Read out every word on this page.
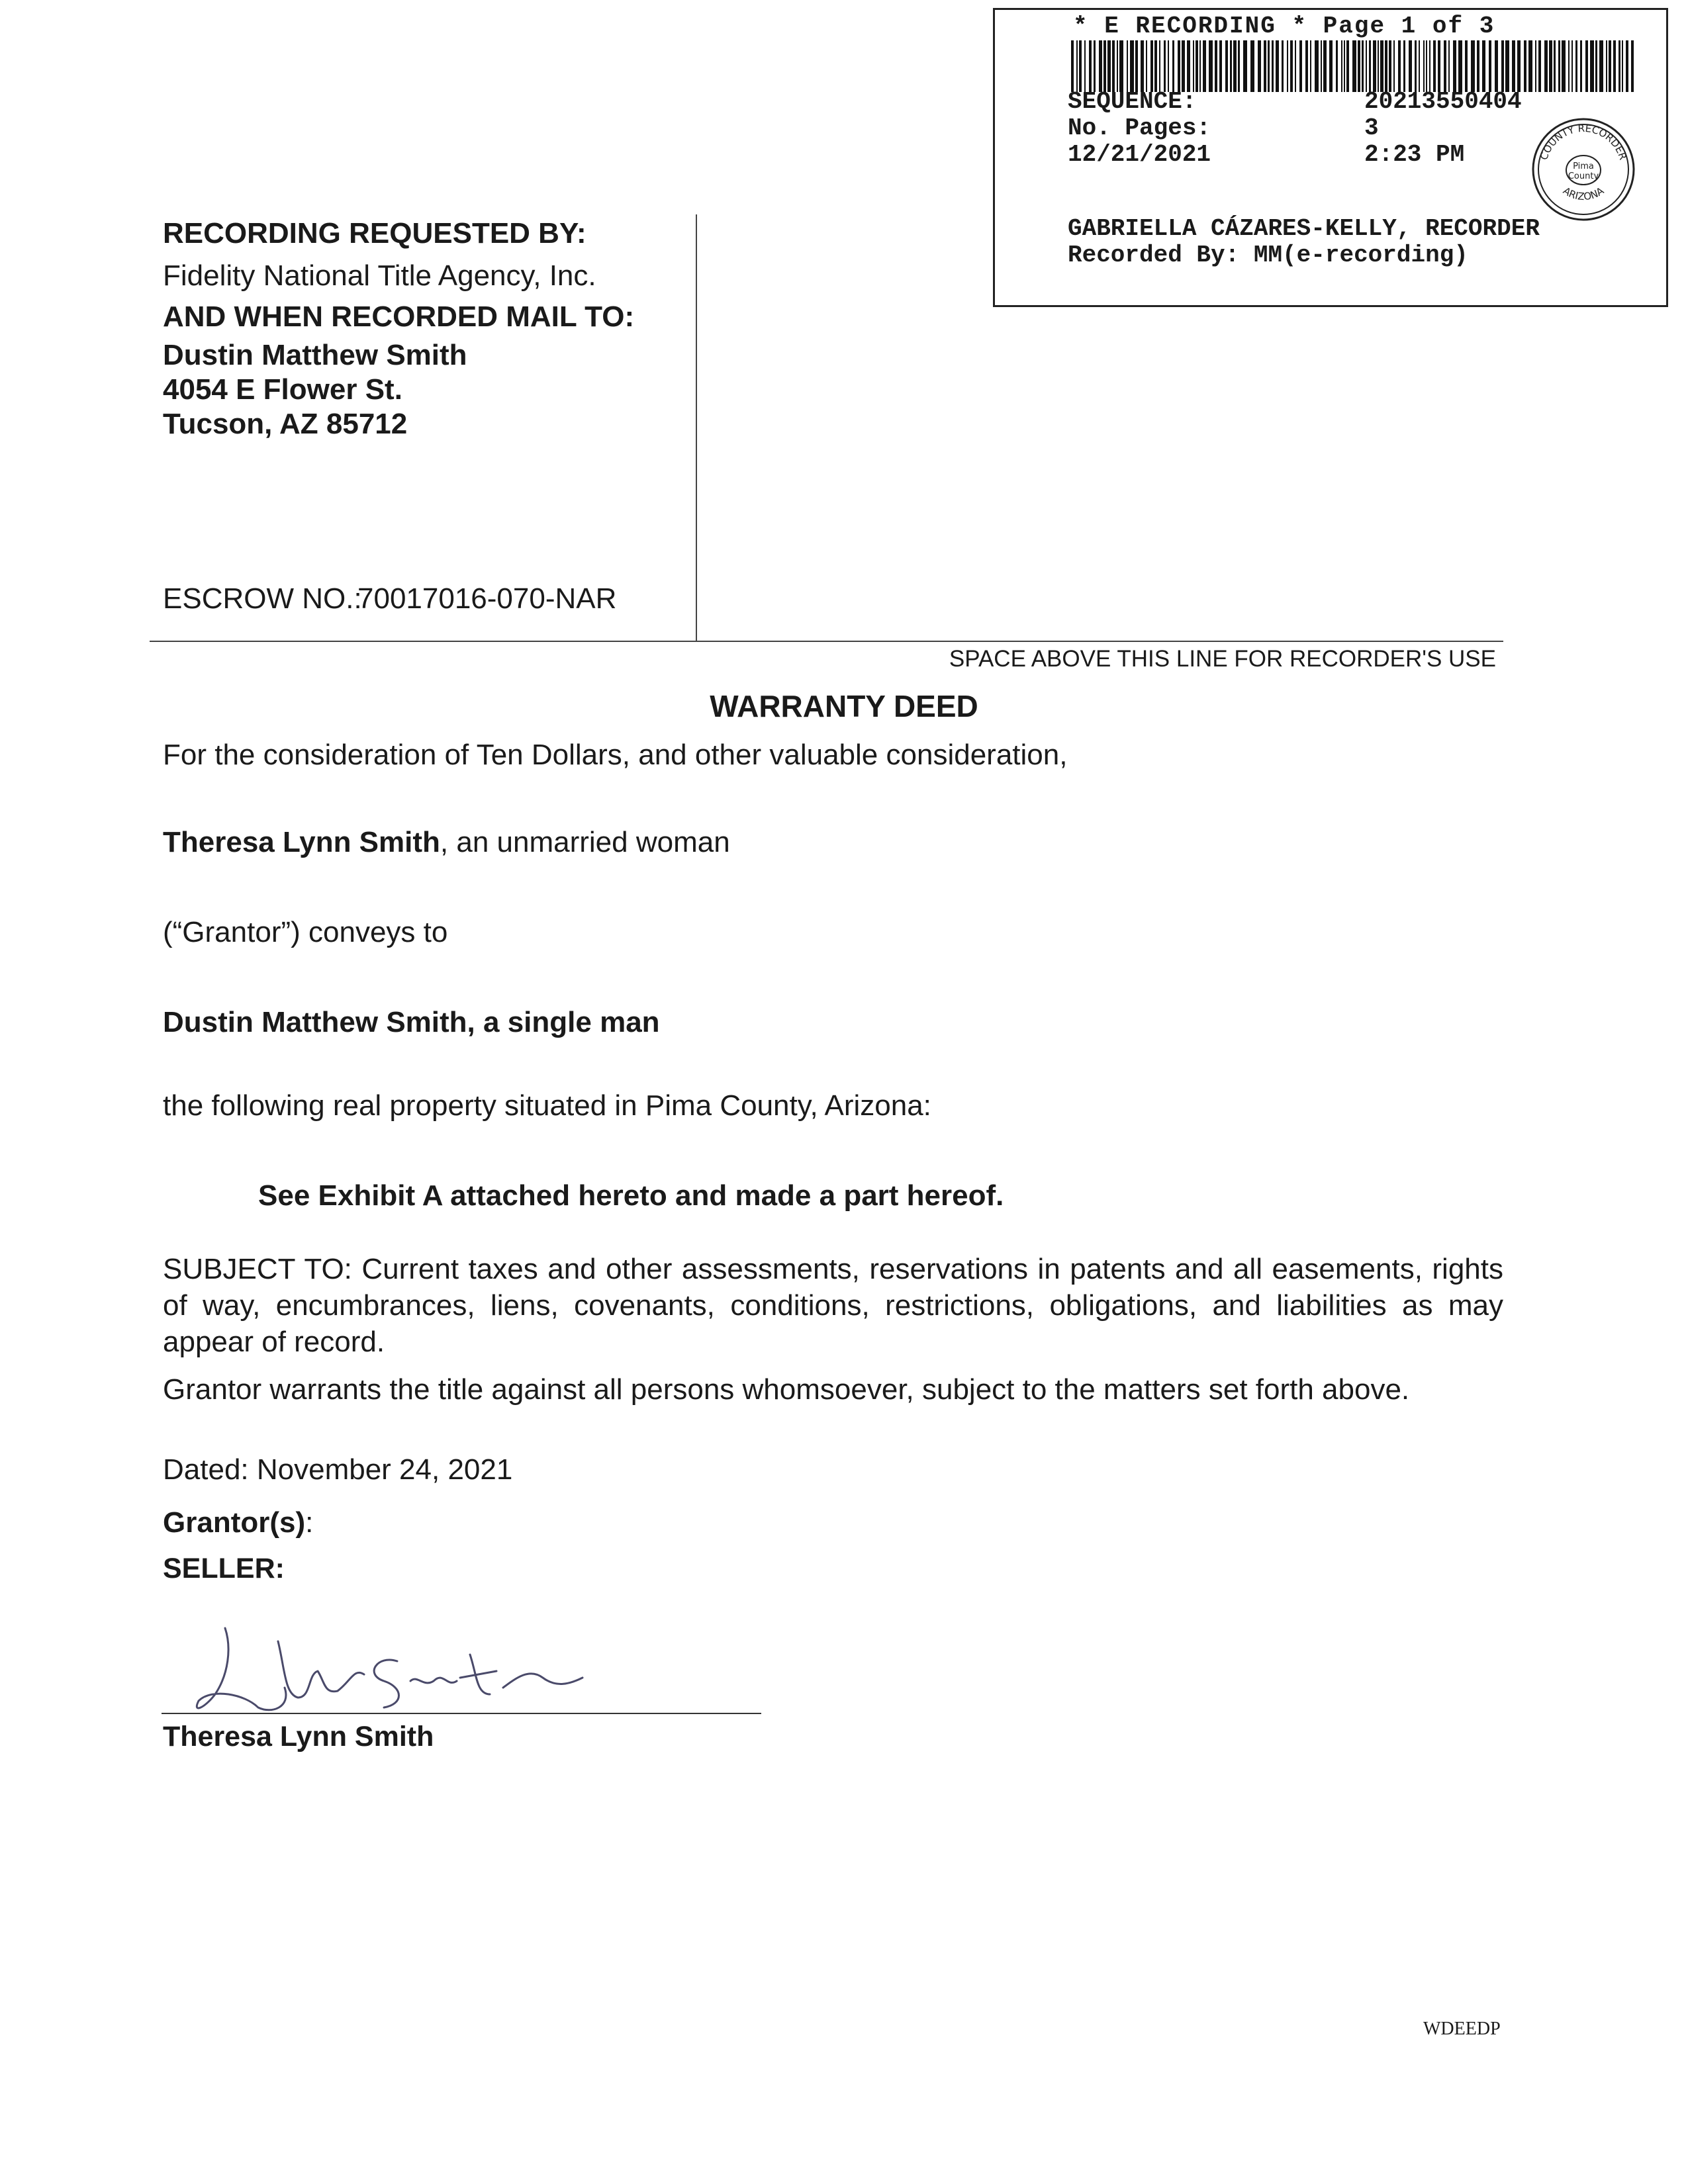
* E RECORDING * Page 1 of 3
SEQUENCE:	20213550404
No. Pages:	3
12/21/2021	2:23 PM	COUNTY RECORDER
ARIZONA
Pima
County
GABRIELLA CÁZARES-KELLY, RECORDER
Recorded By: MM(e-recording)
RECORDING REQUESTED BY:
Fidelity National Title Agency, Inc.
AND WHEN RECORDED MAIL TO:
Dustin Matthew Smith
4054 E Flower St.
Tucson, AZ 85712
ESCROW NO.:
70017016-070-NAR
SPACE ABOVE THIS LINE FOR RECORDER'S USE
WARRANTY DEED
For the consideration of Ten Dollars, and other valuable consideration,
Theresa Lynn Smith, an unmarried woman
(“Grantor”) conveys to
Dustin Matthew Smith, a single man
the following real property situated in Pima County, Arizona:
See Exhibit A attached hereto and made a part hereof.
SUBJECT TO: Current taxes and other assessments, reservations in patents and all easements, rights of way, encumbrances, liens, covenants, conditions, restrictions, obligations, and liabilities as may appear of record.
Grantor warrants the title against all persons whomsoever, subject to the matters set forth above.
Dated: November 24, 2021
Grantor(s):
SELLER:
Theresa Lynn Smith
WDEEDP
